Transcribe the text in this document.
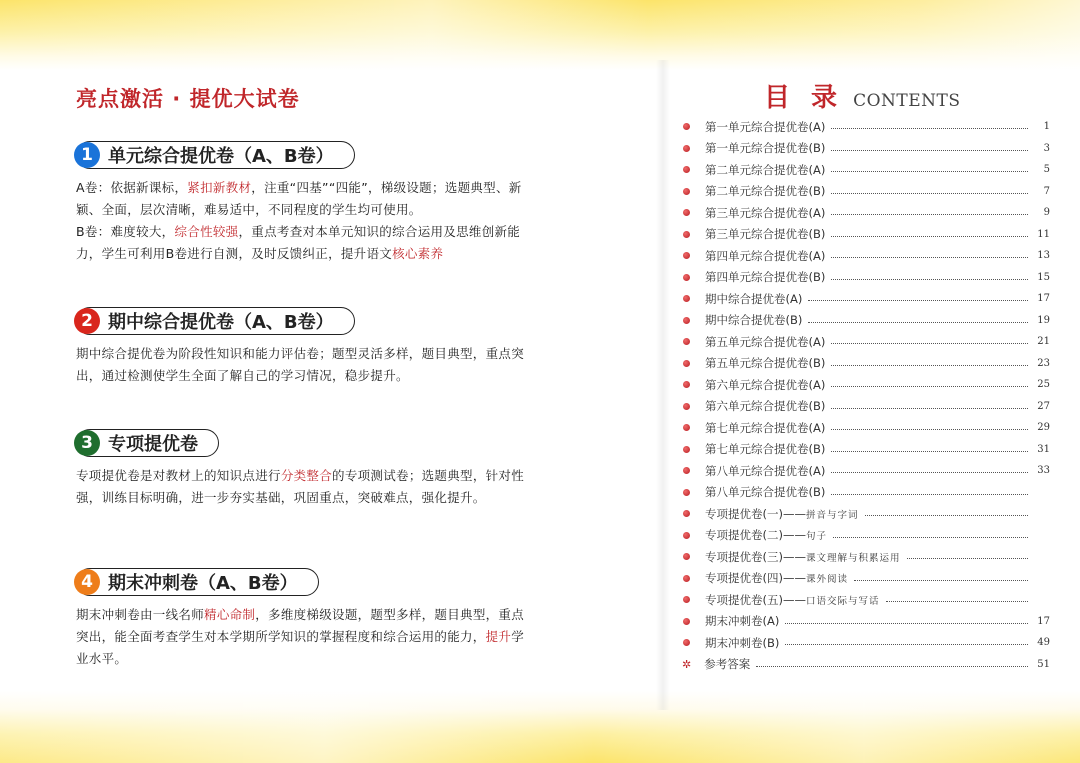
亮点激活 · 提优大试卷
1 单元综合提优卷（A、B卷）

A卷：依据新课标，紧扣新教材，注重“四基”“四能”，梯级设题；选题典型、新颖、全面，层次清晰，难易适中，不同程度的学生均可使用。

B卷：难度较大，综合性较强，重点考查对本单元知识的综合运用及思维创新能力，学生可利用B卷进行自测，及时反馈纠正，提升语文核心素养

2 期中综合提优卷（A、B卷）

期中综合提优卷为阶段性知识和能力评估卷；题型灵活多样，题目典型，重点突出，通过检测使学生全面了解自己的学习情况，稳步提升。

3 专项提优卷

专项提优卷是对教材上的知识点进行分类整合的专项测试卷；选题典型，针对性强，训练目标明确，进一步夯实基础，巩固重点，突破难点，强化提升。

4 期末冲刺卷（A、B卷）

期末冲刺卷由一线名师精心命制，多维度梯级设题，题型多样，题目典型，重点突出，能全面考查学生对本学期所学知识的掌握程度和综合运用的能力，提升学业水平。

目 录 CONTENTS
第一单元综合提优卷(A)	1
第一单元综合提优卷(B)	3
第二单元综合提优卷(A)	5
第二单元综合提优卷(B)	7
第三单元综合提优卷(A)	9
第三单元综合提优卷(B)	11
第四单元综合提优卷(A)	13
第四单元综合提优卷(B)	15
期中综合提优卷(A)	17
期中综合提优卷(B)	19
第五单元综合提优卷(A)	21
第五单元综合提优卷(B)	23
第六单元综合提优卷(A)	25
第六单元综合提优卷(B)	27
第七单元综合提优卷(A)	29
第七单元综合提优卷(B)	31
第八单元综合提优卷(A)	33
第八单元综合提优卷(B)
专项提优卷(一)—— 拼音与字词
专项提优卷(二)—— 句子
专项提优卷(三)—— 课文理解与积累运用
专项提优卷(四)—— 课外阅读
专项提优卷(五)—— 口语交际与写话
期末冲刺卷(A)	17
期末冲刺卷(B)	49
✲ 参考答案	51
